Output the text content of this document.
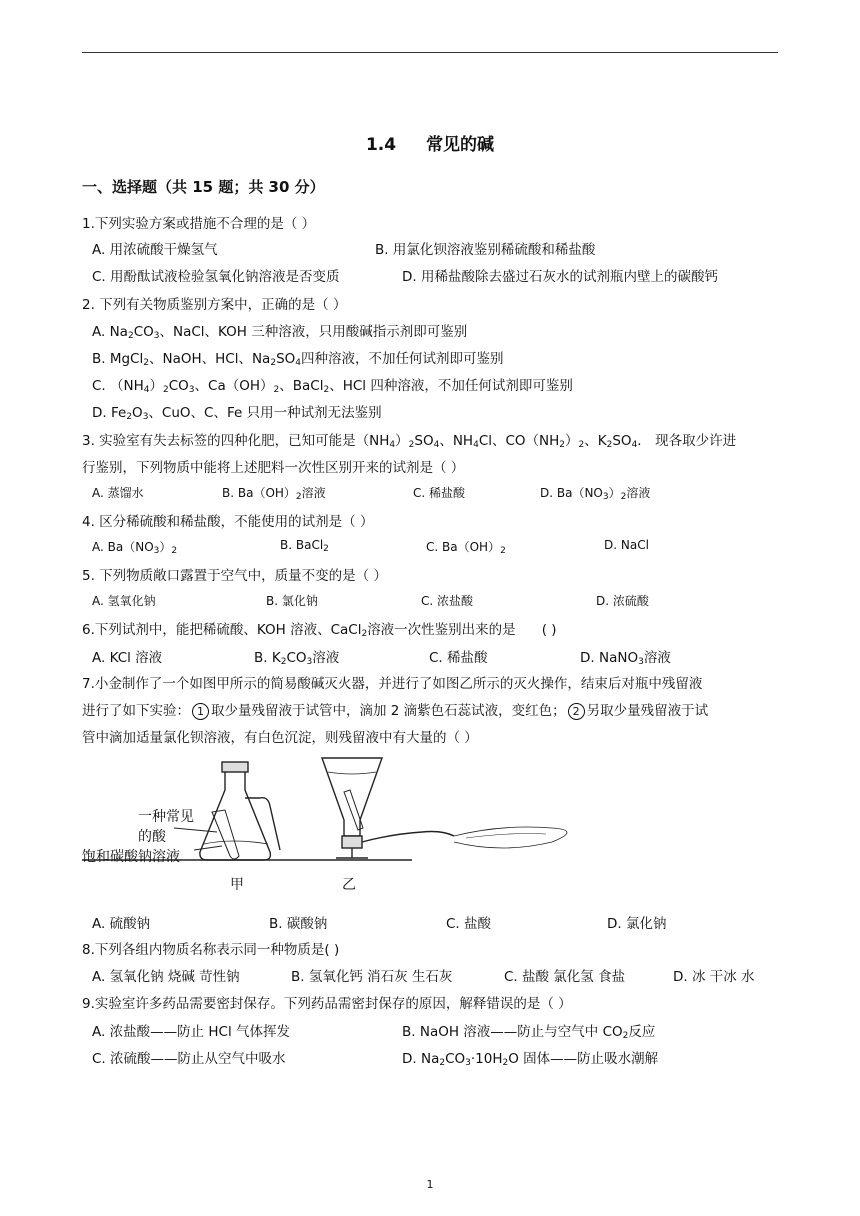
1.4 常见的碱
一、选择题（共 15 题；共 30 分）
1.下列实验方案或措施不合理的是（ ）
A. 用浓硫酸干燥氢气	B. 用氯化钡溶液鉴别稀硫酸和稀盐酸
C. 用酚酞试液检验氢氧化钠溶液是否变质	D. 用稀盐酸除去盛过石灰水的试剂瓶内壁上的碳酸钙
2. 下列有关物质鉴别方案中，正确的是（ ）
A. $Na_2CO_3$、NaCl、KOH 三种溶液，只用酸碱指示剂即可鉴别
B. MgCl$_2$、NaOH、HCl、$Na_2SO_4$四种溶液，不加任何试剂即可鉴别
C. $(NH_4)_2CO_3$、$Ca(OH)_2$、BaCl$_2$、HCl 四种溶液，不加任何试剂即可鉴别
D. $Fe_2O_3$、CuO、C、Fe 只用一种试剂无法鉴别
3. 实验室有失去标签的四种化肥，已知可能是$(NH_4)_2SO_4$、$NH_4Cl$、$CO(NH_2)_2$、$K_2SO_4$． 现各取少许进
行鉴别，下列物质中能将上述肥料一次性区别开来的试剂是（ ）
A. 蒸馏水	B. $Ba(OH)_2$溶液	C. 稀盐酸	D. $Ba(NO_3)_2$溶液
4. 区分稀硫酸和稀盐酸，不能使用的试剂是（ ）
A. $Ba(NO_3)_2$	B. BaCl$_2$	C. $Ba(OH)_2$	D. NaCl
5. 下列物质敞口露置于空气中，质量不变的是（ ）
A. 氢氧化钠	B. 氯化钠	C. 浓盐酸	D. 浓硫酸
6.下列试剂中，能把稀硫酸、KOH 溶液、CaCl$_2$溶液一次性鉴别出来的是 ( )
A. KCl 溶液	B. $K_2CO_3$溶液	C. 稀盐酸	D. NaNO$_3$溶液
7.小金制作了一个如图甲所示的简易酸碱灭火器，并进行了如图乙所示的灭火操作，结束后对瓶中残留液
进行了如下实验： 1 取少量残留液于试管中，滴加 2 滴紫色石蕊试液，变红色； 2 另取少量残留液于试
管中滴加适量氯化钡溶液，有白色沉淀，则残留液中有大量的（ ）
一种常见
的酸
饱和碳酸钠溶液
甲	乙
A. 硫酸钠	B. 碳酸钠	C. 盐酸	D. 氯化钠
8.下列各组内物质名称表示同一种物质是( )
A. 氢氧化钠 烧碱 苛性钠	B. 氢氧化钙 消石灰 生石灰	C. 盐酸 氯化氢 食盐	D. 冰 干冰 水
9.实验室许多药品需要密封保存。下列药品需密封保存的原因，解释错误的是（ ）
A. 浓盐酸——防止 HCl 气体挥发	B. NaOH 溶液——防止与空气中 $CO_2$反应
C. 浓硫酸——防止从空气中吸水	D. $Na_2CO_3\cdot 10H_2O$ 固体——防止吸水潮解
1
